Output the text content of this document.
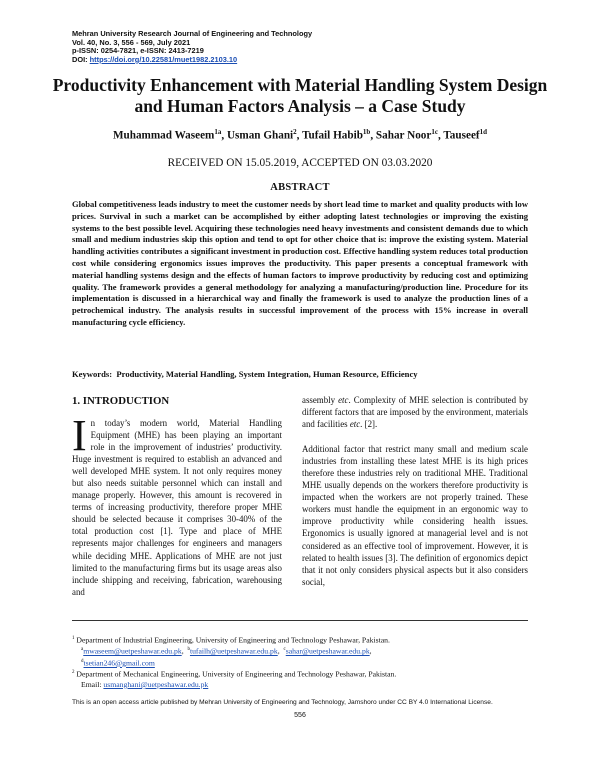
Mehran University Research Journal of Engineering and Technology
Vol. 40, No. 3, 556 - 569, July 2021
p-ISSN: 0254-7821, e-ISSN: 2413-7219
DOI: https://doi.org/10.22581/muet1982.2103.10
Productivity Enhancement with Material Handling System Design and Human Factors Analysis – a Case Study
Muhammad Waseem$^{1a}$, Usman Ghani$^2$, Tufail Habib$^{1b}$, Sahar Noor$^{1c}$, Tauseef$^{1d}$
RECEIVED ON 15.05.2019, ACCEPTED ON 03.03.2020
ABSTRACT

Global competitiveness leads industry to meet the customer needs by short lead time to market and quality products with low prices. Survival in such a market can be accomplished by either adopting latest technologies or improving the existing systems to the best possible level. Acquiring these technologies need heavy investments and consistent demands due to which small and medium industries skip this option and tend to opt for other choice that is: improve the existing system. Material handling activities contributes a significant investment in production cost. Effective handling system reduces total production cost while considering ergonomics issues improves the productivity. This paper presents a conceptual framework with material handling systems design and the effects of human factors to improve productivity by reducing cost and optimizing quality. The framework provides a general methodology for analyzing a manufacturing/production line. Procedure for its implementation is discussed in a hierarchical way and finally the framework is used to analyze the production lines of a petrochemical industry. The analysis results in successful improvement of the process with 15% increase in overall manufacturing cycle efficiency.

Keywords: Productivity, Material Handling, System Integration, Human Resource, Efficiency
1. INTRODUCTION

In today’s modern world, Material Handling Equipment (MHE) has been playing an important role in the improvement of industries’ productivity. Huge investment is required to establish an advanced and well developed MHE system. It not only requires money but also needs suitable personnel which can install and manage properly. However, this amount is recovered in terms of increasing productivity, therefore proper MHE should be selected because it comprises 30-40% of the total production cost [1]. Type and place of MHE represents major challenges for engineers and managers while deciding MHE. Applications of MHE are not just limited to the manufacturing firms but its usage areas also include shipping and receiving, fabrication, warehousing and

assembly etc. Complexity of MHE selection is contributed by different factors that are imposed by the environment, materials and facilities etc. [2].

Additional factor that restrict many small and medium scale industries from installing these latest MHE is its high prices therefore these industries rely on traditional MHE. Traditional MHE usually depends on the workers therefore productivity is impacted when the workers are not properly trained. These workers must handle the equipment in an ergonomic way to improve productivity while considering health issues. Ergonomics is usually ignored at managerial level and is not considered as an effective tool of improvement. However, it is related to health issues [3]. The definition of ergonomics depict that it not only considers physical aspects but it also considers social,

$^1$ Department of Industrial Engineering, University of Engineering and Technology Peshawar, Pakistan.
$^a$mwaseem@uetpeshawar.edu.pk,  $^b$tufailh@uetpeshawar.edu.pk,  $^c$sahar@uetpeshawar.edu.pk,
$^d$tsetian246@gmail.com
$^2$ Department of Mechanical Engineering, University of Engineering and Technology Peshawar, Pakistan.
Email: usmanghani@uetpeshawar.edu.pk
This is an open access article published by Mehran University of Engineering and Technology, Jamshoro under CC BY 4.0 International License.
556
